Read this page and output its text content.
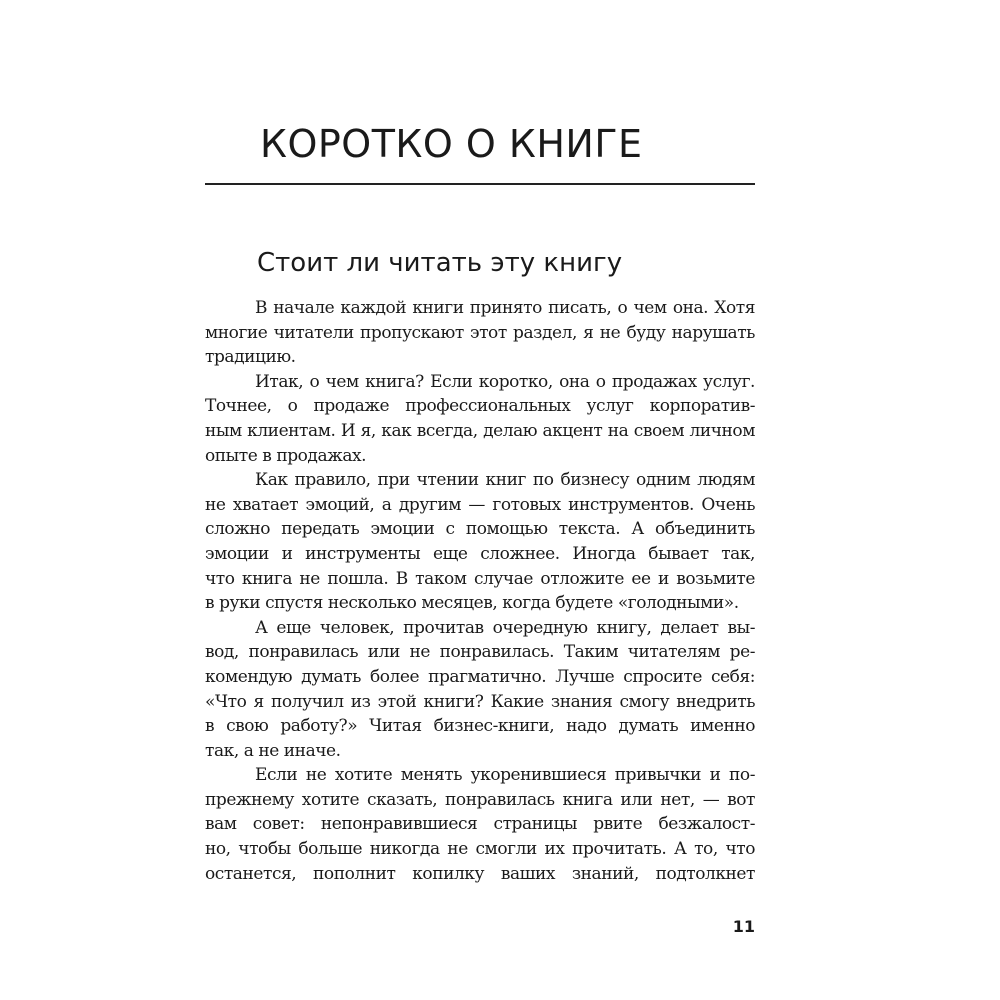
КОРОТКО О КНИГЕ
Стоит ли читать эту книгу
В начале каждой книги принято писать, о чем она. Хотя
многие читатели пропускают этот раздел, я не буду нарушать
традицию.
Итак, о чем книга? Если коротко, она о продажах услуг.
Точнее, о продаже профессиональных услуг корпоратив-
ным клиентам. И я, как всегда, делаю акцент на своем личном
опыте в продажах.
Как правило, при чтении книг по бизнесу одним людям
не хватает эмоций, а другим — готовых инструментов. Очень
сложно передать эмоции с помощью текста. А объединить
эмоции и инструменты еще сложнее. Иногда бывает так,
что книга не пошла. В таком случае отложите ее и возьмите
в руки спустя несколько месяцев, когда будете «голодными».
А еще человек, прочитав очередную книгу, делает вы-
вод, понравилась или не понравилась. Таким читателям ре-
комендую думать более прагматично. Лучше спросите себя:
«Что я получил из этой книги? Какие знания смогу внедрить
в свою работу?» Читая бизнес-книги, надо думать именно
так, а не иначе.
Если не хотите менять укоренившиеся привычки и по-
прежнему хотите сказать, понравилась книга или нет, — вот
вам совет: непонравившиеся страницы рвите безжалост-
но, чтобы больше никогда не смогли их прочитать. А то, что
останется, пополнит копилку ваших знаний, подтолкнет

11
